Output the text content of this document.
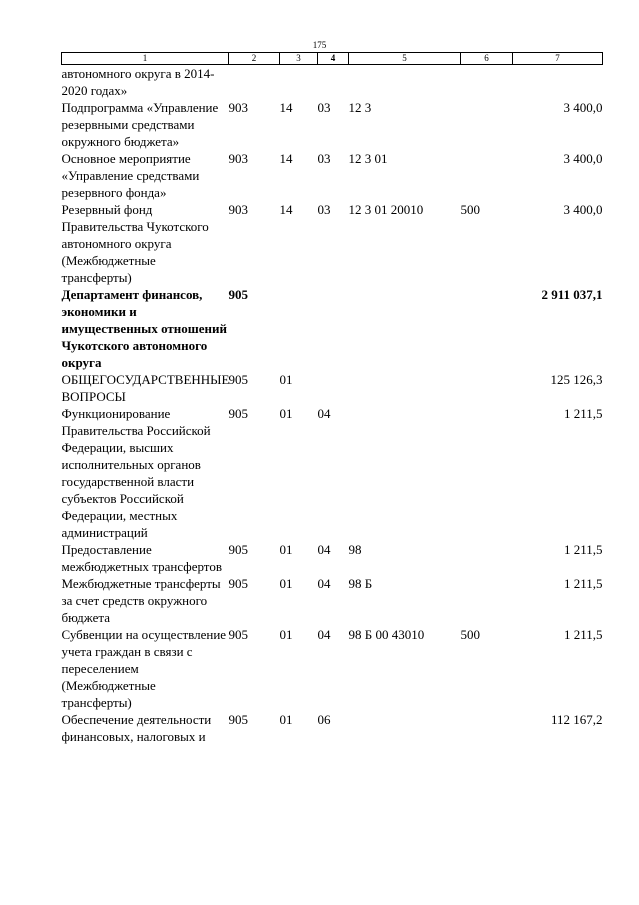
175
1	2	3	4	5	6	7
автономного округа в 2014-2020 годах»						
Подпрограмма «Управление резервными средствами окружного бюджета»	903	14	03	12 3		3 400,0
Основное мероприятие «Управление средствами резервного фонда»	903	14	03	12 3 01		3 400,0
Резервный фонд Правительства Чукотского автономного округа (Межбюджетные трансферты)	903	14	03	12 3 01 20010	500	3 400,0
Департамент финансов, экономики и имущественных отношений Чукотского автономного округа	905					2 911 037,1
ОБЩЕГОСУДАРСТВЕННЫЕ ВОПРОСЫ	905	01				125 126,3
Функционирование Правительства Российской Федерации, высших исполнительных органов государственной власти субъектов Российской Федерации, местных администраций	905	01	04			1 211,5
Предоставление межбюджетных трансфертов	905	01	04	98		1 211,5
Межбюджетные трансферты за счет средств окружного бюджета	905	01	04	98 Б		1 211,5
Субвенции на осуществление учета граждан в связи с переселением (Межбюджетные трансферты)	905	01	04	98 Б 00 43010	500	1 211,5
Обеспечение деятельности финансовых, налоговых и	905	01	06			112 167,2
